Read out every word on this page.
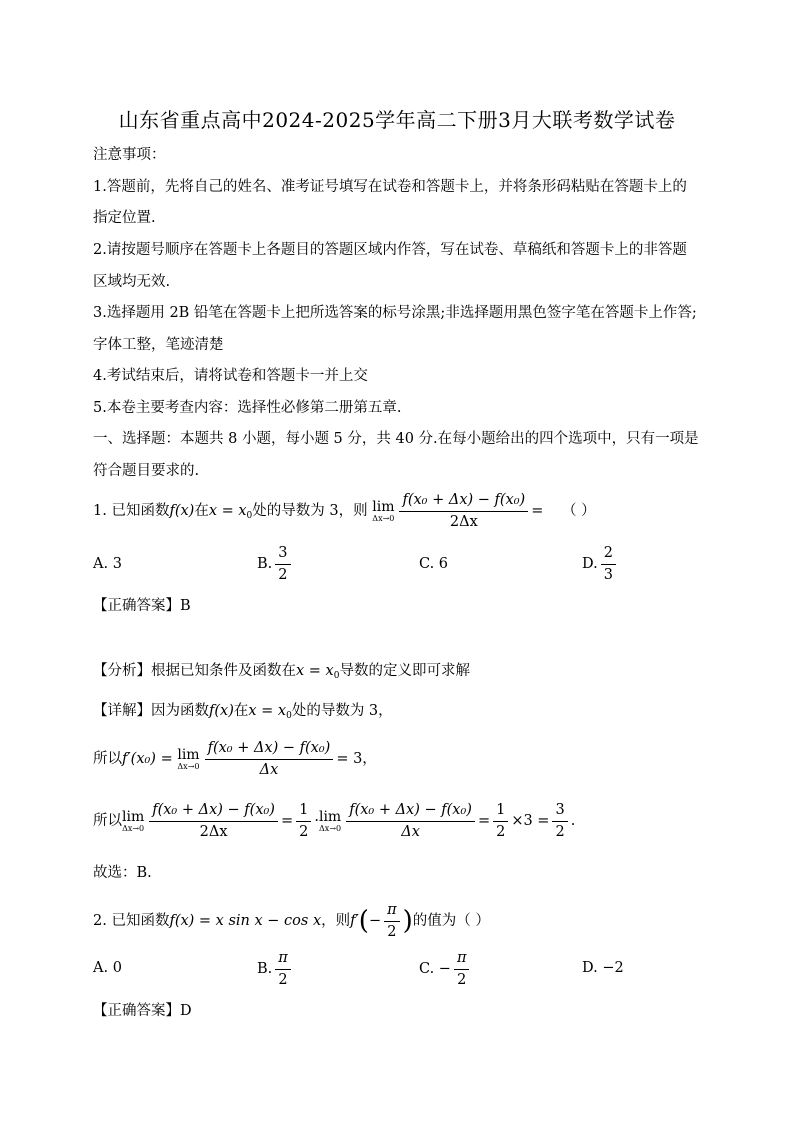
山东省重点高中2024-2025学年高二下册3月大联考数学试卷
注意事项：
1.答题前，先将自己的姓名、准考证号填写在试卷和答题卡上，并将条形码粘贴在答题卡上的
指定位置.
2.请按题号顺序在答题卡上各题目的答题区域内作答，写在试卷、草稿纸和答题卡上的非答题
区域均无效.
3.选择题用 2B 铅笔在答题卡上把所选答案的标号涂黑;非选择题用黑色签字笔在答题卡上作答;
字体工整，笔迹清楚
4.考试结束后，请将试卷和答题卡一并上交
5.本卷主要考查内容：选择性必修第二册第五章.
一、选择题：本题共 8 小题，每小题 5 分，共 40 分.在每小题给出的四个选项中，只有一项是
符合题目要求的.
1. 已知函数f(x)在$x = x_0$处的导数为 3，则 lim
$\Delta x\to 0 \frac{\text{f(x₀ + Δx) − f(x₀)}}{2\Delta x}$ = （ ）
A. 3	B. $\frac{3}{2}$	C. 6	D. $\frac{2}{3}$
【正确答案】B
【分析】根据已知条件及函数在$x = x_0$导数的定义即可求解
【详解】因为函数f(x)在$x = x_0$处的导数为 3，
所以f′(x₀) = lim
$\Delta x\to 0 \frac{\text{f(x₀ + Δx) − f(x₀)}}{\Delta x} = 3$，
所以 lim
$\Delta x\to 0 \frac{\text{f(x₀ + Δx) − f(x₀)}}{2\Delta x} = \frac{1}{2} \cdot \lim$
$\Delta x\to 0 \frac{\text{f(x₀ + Δx) − f(x₀)}}{\Delta x} = \frac{1}{2} \times 3 = \frac{3}{2}$ .
故选：B.
2. 已知函数f(x) = x sin x − cos x，则$f'(- \frac{\pi}{2}$ )的值为（ ）
A. 0	B. $\frac{\pi}{2}$	C. − $\frac{\pi}{2}$	D. −2
【正确答案】D
